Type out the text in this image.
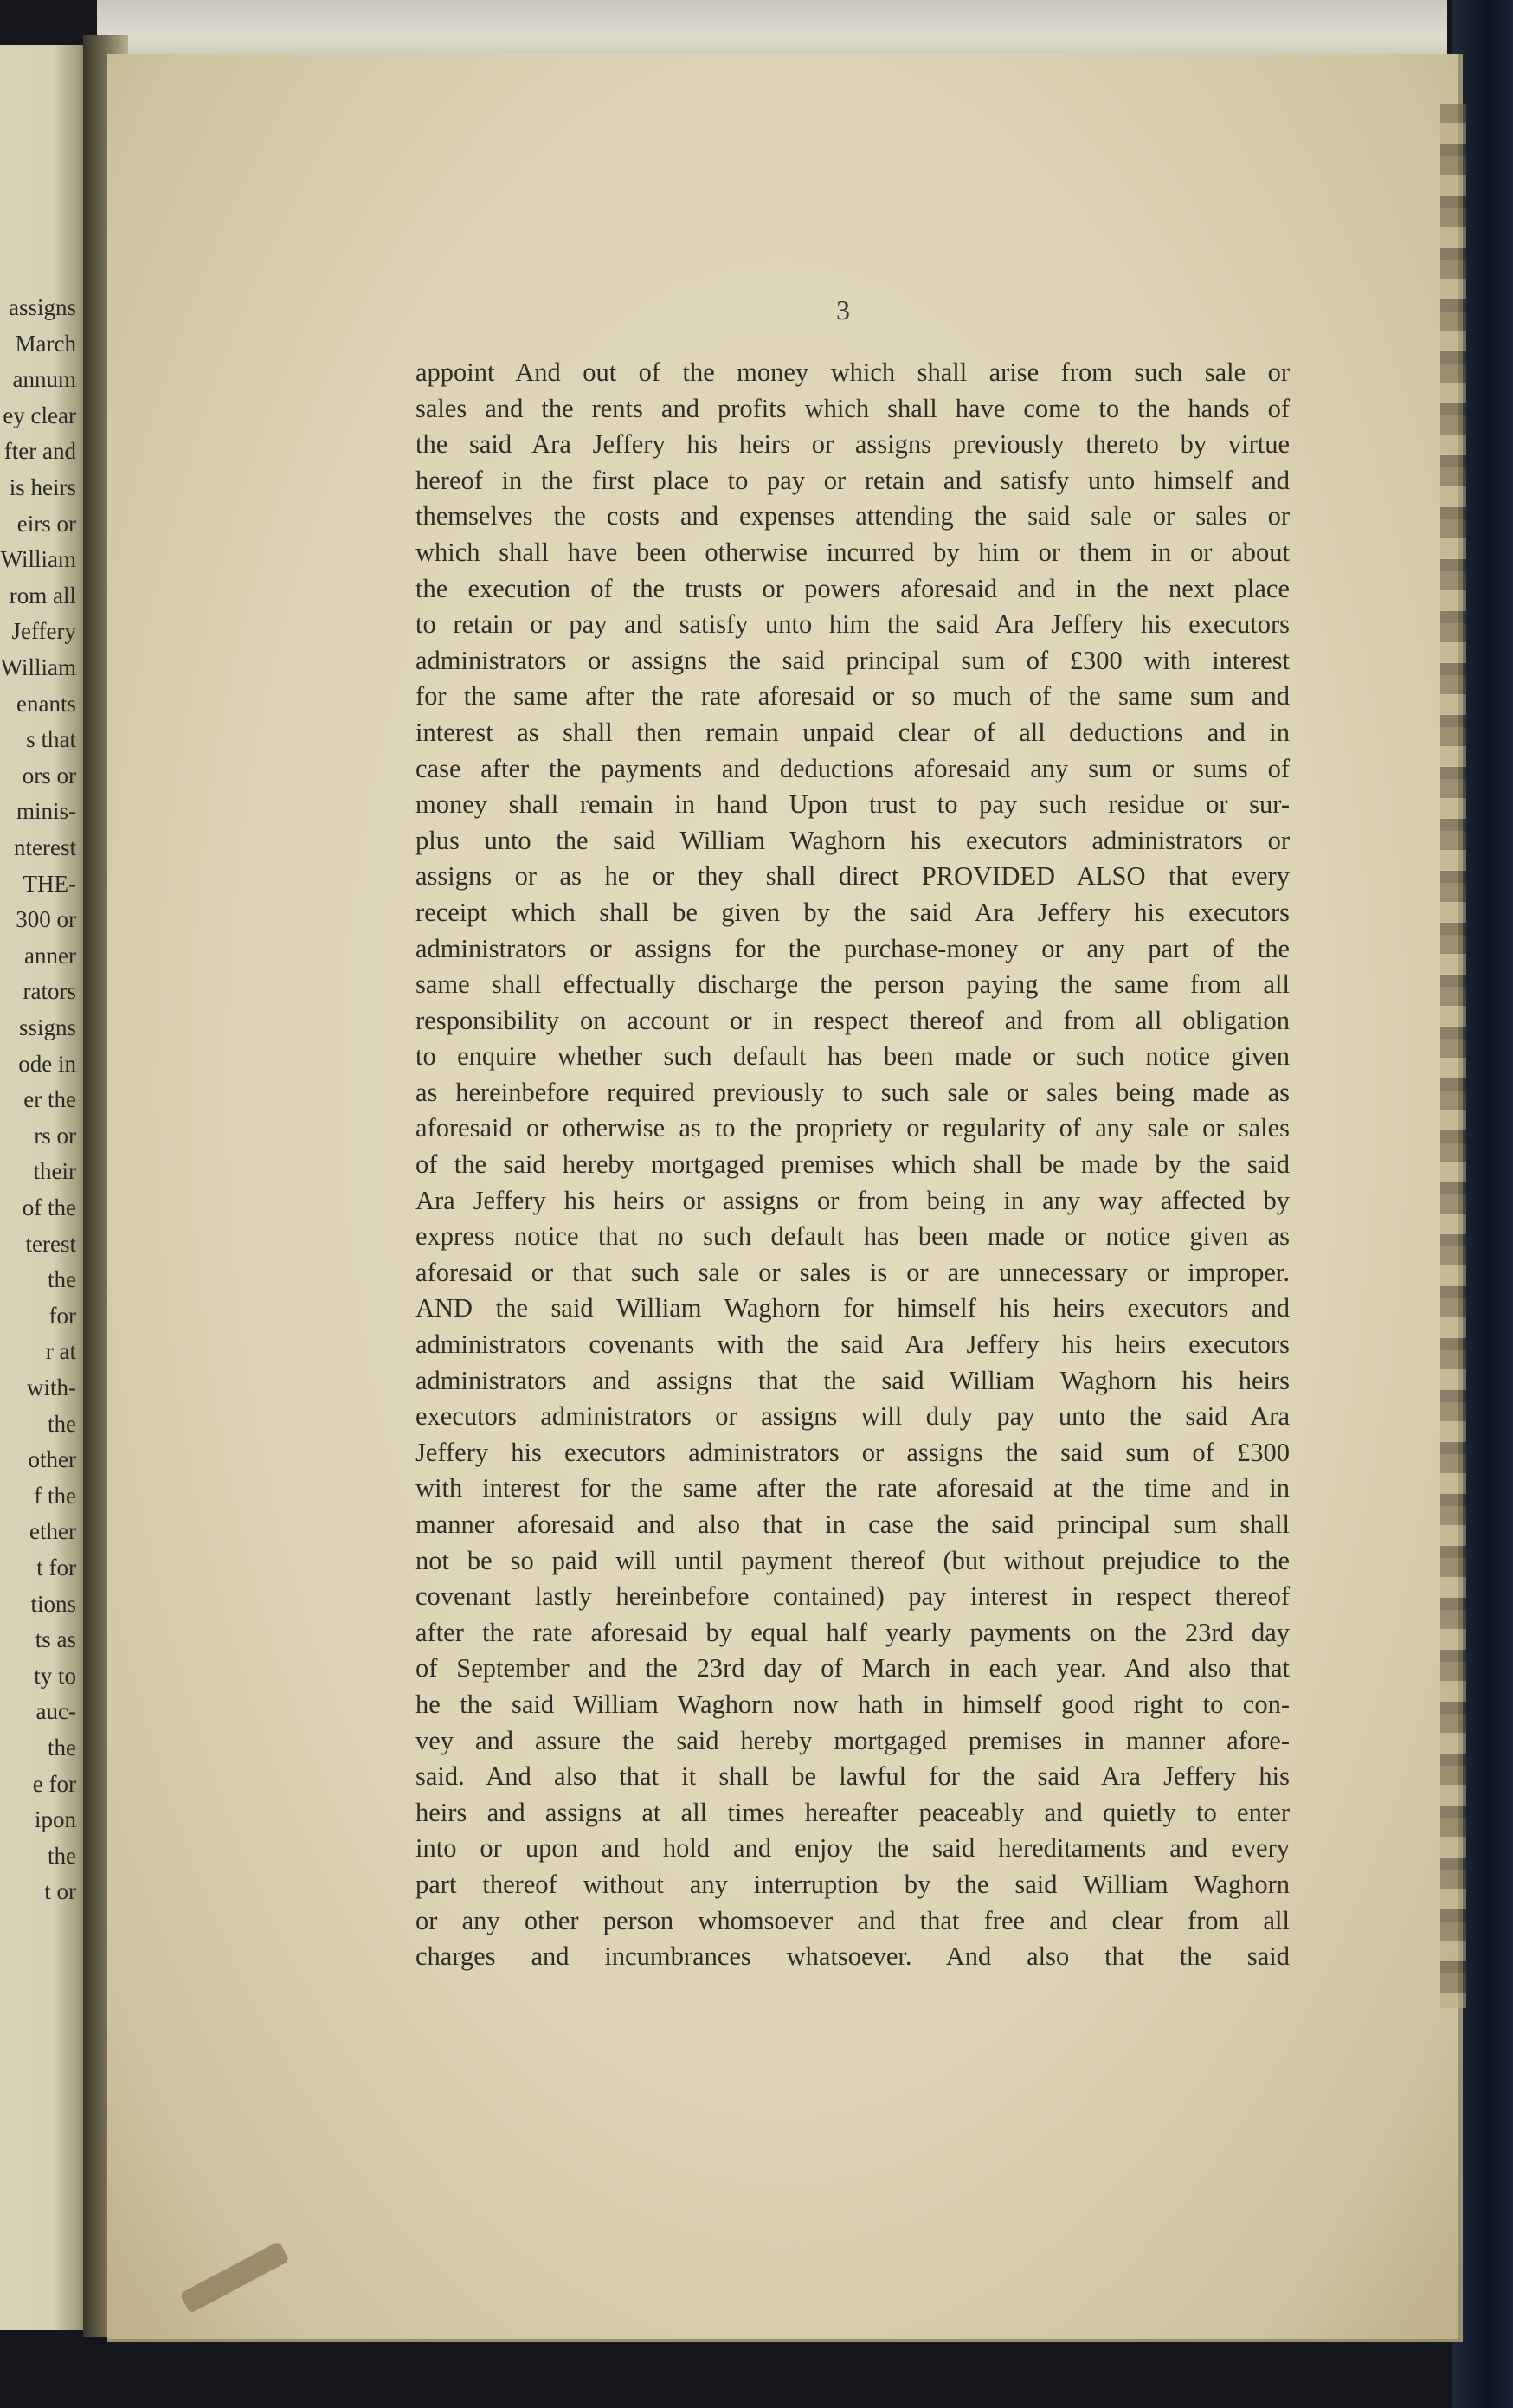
assigns
March
annum
ey clear
fter and
is heirs
eirs or
William
rom all
Jeffery
William
enants
s that
ors or
minis-
nterest
THE-
300 or
anner
rators
ssigns
ode in
er the
rs or
their
of the
terest
the
for
r at
with-
the
other
f the
ether
t for
tions
ts as
ty to
auc-
the
e for
ipon
the
t or
3
appoint And out of the money which shall arise from such sale or
sales and the rents and profits which shall have come to the hands of
the said Ara Jeffery his heirs or assigns previously thereto by virtue
hereof in the first place to pay or retain and satisfy unto himself and
themselves the costs and expenses attending the said sale or sales or
which shall have been otherwise incurred by him or them in or about
the execution of the trusts or powers aforesaid and in the next place
to retain or pay and satisfy unto him the said Ara Jeffery his executors
administrators or assigns the said principal sum of £300 with interest
for the same after the rate aforesaid or so much of the same sum and
interest as shall then remain unpaid clear of all deductions and in
case after the payments and deductions aforesaid any sum or sums of
money shall remain in hand Upon trust to pay such residue or sur-
plus unto the said William Waghorn his executors administrators or
assigns or as he or they shall direct PROVIDED ALSO that every
receipt which shall be given by the said Ara Jeffery his executors
administrators or assigns for the purchase-money or any part of the
same shall effectually discharge the person paying the same from all
responsibility on account or in respect thereof and from all obligation
to enquire whether such default has been made or such notice given
as hereinbefore required previously to such sale or sales being made as
aforesaid or otherwise as to the propriety or regularity of any sale or sales
of the said hereby mortgaged premises which shall be made by the said
Ara Jeffery his heirs or assigns or from being in any way affected by
express notice that no such default has been made or notice given as
aforesaid or that such sale or sales is or are unnecessary or improper.
AND the said William Waghorn for himself his heirs executors and
administrators covenants with the said Ara Jeffery his heirs executors
administrators and assigns that the said William Waghorn his heirs
executors administrators or assigns will duly pay unto the said Ara
Jeffery his executors administrators or assigns the said sum of £300
with interest for the same after the rate aforesaid at the time and in
manner aforesaid and also that in case the said principal sum shall
not be so paid will until payment thereof (but without prejudice to the
covenant lastly hereinbefore contained) pay interest in respect thereof
after the rate aforesaid by equal half yearly payments on the 23rd day
of September and the 23rd day of March in each year. And also that
he the said William Waghorn now hath in himself good right to con-
vey and assure the said hereby mortgaged premises in manner afore-
said. And also that it shall be lawful for the said Ara Jeffery his
heirs and assigns at all times hereafter peaceably and quietly to enter
into or upon and hold and enjoy the said hereditaments and every
part thereof without any interruption by the said William Waghorn
or any other person whomsoever and that free and clear from all
charges and incumbrances whatsoever. And also that the said
